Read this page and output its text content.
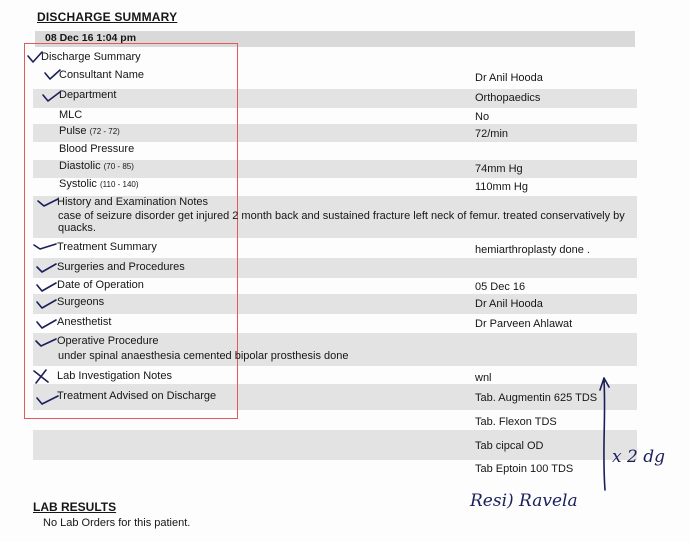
DISCHARGE SUMMARY
08 Dec 16 1:04 pm
Discharge Summary
Consultant Name
Department
MLC
Pulse (72 - 72)
Blood Pressure
Diastolic (70 - 85)
Systolic (110 - 140)
History and Examination Notes
case of seizure disorder get injured 2 month back and sustained fracture left neck of femur. treated conservatively by quacks.
Treatment Summary
Surgeries and Procedures
Date of Operation
Surgeons
Anesthetist
Operative Procedure
under spinal anaesthesia cemented bipolar prosthesis done
Lab Investigation Notes
Treatment Advised on Discharge
Dr Anil Hooda
Orthopaedics
No
72/min
74mm Hg
110mm Hg
hemiarthroplasty done .
05 Dec 16
Dr Anil Hooda
Dr Parveen Ahlawat
wnl
Tab. Augmentin 625 TDS
Tab. Flexon TDS
Tab cipcal OD
Tab Eptoin 100 TDS
x 2 dg
Resi) Ravela
LAB RESULTS
No Lab Orders for this patient.
